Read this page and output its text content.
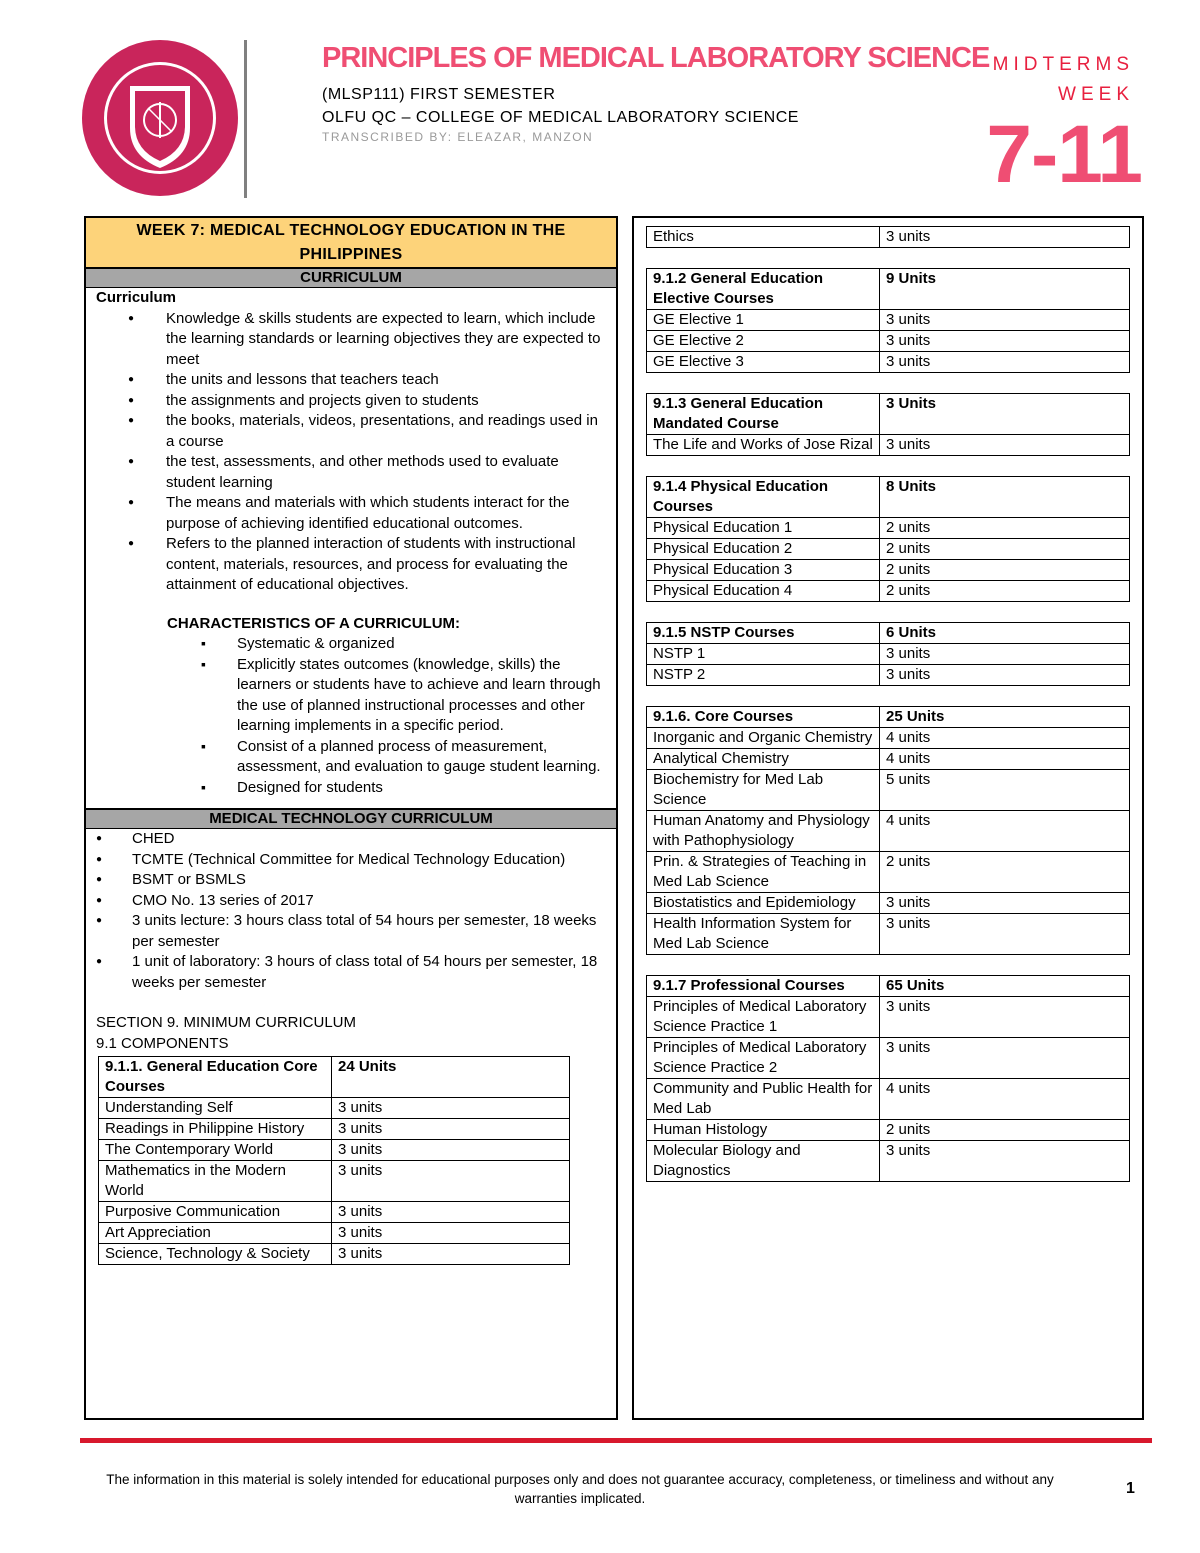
PRINCIPLES OF MEDICAL LABORATORY SCIENCE
(MLSP111) FIRST SEMESTER
OLFU QC – COLLEGE OF MEDICAL LABORATORY SCIENCE
TRANSCRIBED BY: ELEAZAR, MANZON
MIDTERMS
WEEK
7-11
WEEK 7: MEDICAL TECHNOLOGY EDUCATION IN THE PHILIPPINES
CURRICULUM
Curriculum
● Knowledge & skills students are expected to learn, which include the learning standards or learning objectives they are expected to meet
● the units and lessons that teachers teach
● the assignments and projects given to students
● the books, materials, videos, presentations, and readings used in a course
● the test, assessments, and other methods used to evaluate student learning
● The means and materials with which students interact for the purpose of achieving identified educational outcomes.
● Refers to the planned interaction of students with instructional content, materials, resources, and process for evaluating the attainment of educational objectives.
CHARACTERISTICS OF A CURRICULUM:
▪ Systematic & organized
▪ Explicitly states outcomes (knowledge, skills) the learners or students have to achieve and learn through the use of planned instructional processes and other learning implements in a specific period.
▪ Consist of a planned process of measurement, assessment, and evaluation to gauge student learning.
▪ Designed for students
MEDICAL TECHNOLOGY CURRICULUM
● CHED
● TCMTE (Technical Committee for Medical Technology Education)
● BSMT or BSMLS
● CMO No. 13 series of 2017
● 3 units lecture: 3 hours class total of 54 hours per semester, 18 weeks per semester
● 1 unit of laboratory: 3 hours of class total of 54 hours per semester, 18 weeks per semester
SECTION 9. MINIMUM CURRICULUM
9.1 COMPONENTS
9.1.1. General Education Core Courses	24 Units
Understanding Self	3 units
Readings in Philippine History	3 units
The Contemporary World	3 units
Mathematics in the Modern World	3 units
Purposive Communication	3 units
Art Appreciation	3 units
Science, Technology & Society	3 units
Ethics	3 units
9.1.2 General Education Elective Courses	9 Units
GE Elective 1	3 units
GE Elective 2	3 units
GE Elective 3	3 units
9.1.3 General Education Mandated Course	3 Units
The Life and Works of Jose Rizal	3 units
9.1.4 Physical Education Courses	8 Units
Physical Education 1	2 units
Physical Education 2	2 units
Physical Education 3	2 units
Physical Education 4	2 units
9.1.5 NSTP Courses	6 Units
NSTP 1	3 units
NSTP 2	3 units
9.1.6. Core Courses	25 Units
Inorganic and Organic Chemistry	4 units
Analytical Chemistry	4 units
Biochemistry for Med Lab Science	5 units
Human Anatomy and Physiology with Pathophysiology	4 units
Prin. & Strategies of Teaching in Med Lab Science	2 units
Biostatistics and Epidemiology	3 units
Health Information System for Med Lab Science	3 units
9.1.7 Professional Courses	65 Units
Principles of Medical Laboratory Science Practice 1	3 units
Principles of Medical Laboratory Science Practice 2	3 units
Community and Public Health for Med Lab	4 units
Human Histology	2 units
Molecular Biology and Diagnostics	3 units
The information in this material is solely intended for educational purposes only and does not guarantee accuracy, completeness, or timeliness and without any warranties implicated.
1
